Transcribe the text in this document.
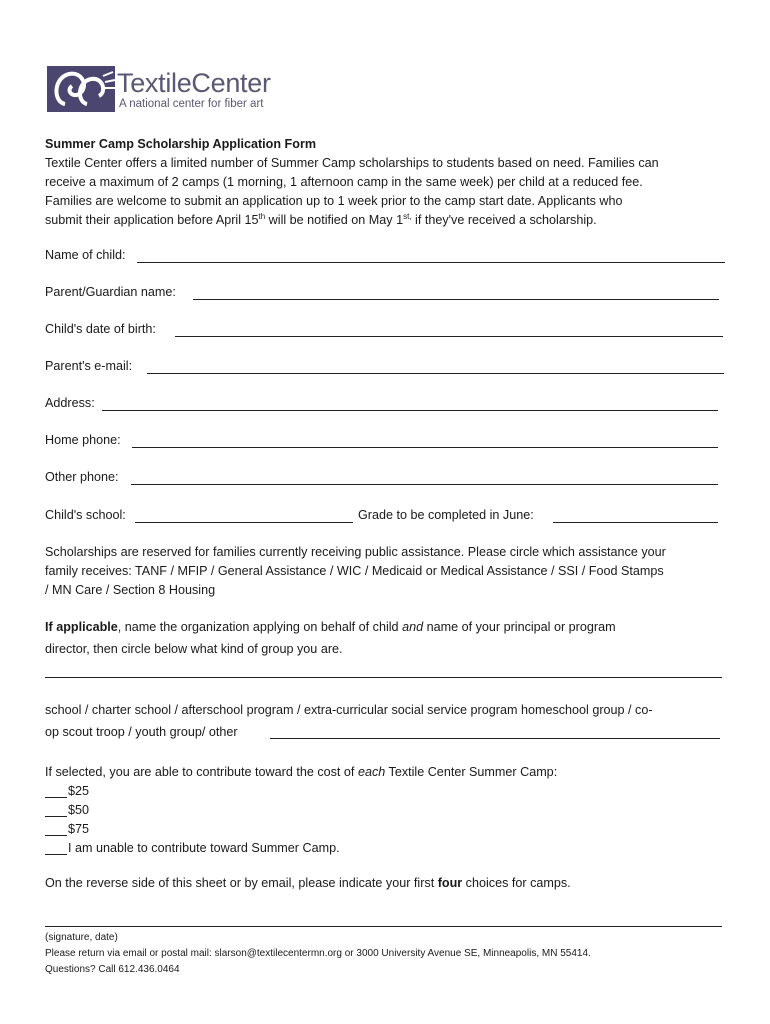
TextileCenter
A national center for fiber art
Summer Camp Scholarship Application Form
Textile Center offers a limited number of Summer Camp scholarships to students based on need. Families can
receive a maximum of 2 camps (1 morning, 1 afternoon camp in the same week) per child at a reduced fee.
Families are welcome to submit an application up to 1 week prior to the camp start date. Applicants who
submit their application before April 15th will be notified on May $1^{st,}$ if they've received a scholarship.
Name of child:
Parent/Guardian name:
Child's date of birth:
Parent's e-mail:
Address:
Home phone:
Other phone:
Child's school:	Grade to be completed in June:
Scholarships are reserved for families currently receiving public assistance. Please circle which assistance your
family receives: TANF / MFIP / General Assistance / WIC / Medicaid or Medical Assistance / SSI / Food Stamps
/ MN Care / Section 8 Housing
If applicable, name the organization applying on behalf of child and name of your principal or program
director, then circle below what kind of group you are.
school / charter school / afterschool program / extra-curricular social service program homeschool group / co-
op scout troop / youth group/ other
If selected, you are able to contribute toward the cost of each Textile Center Summer Camp:
$25
$50
$75
I am unable to contribute toward Summer Camp.
On the reverse side of this sheet or by email, please indicate your first four choices for camps.
(signature, date)
Please return via email or postal mail: slarson@textilecentermn.org or 3000 University Avenue SE, Minneapolis, MN 55414.
Questions? Call 612.436.0464
